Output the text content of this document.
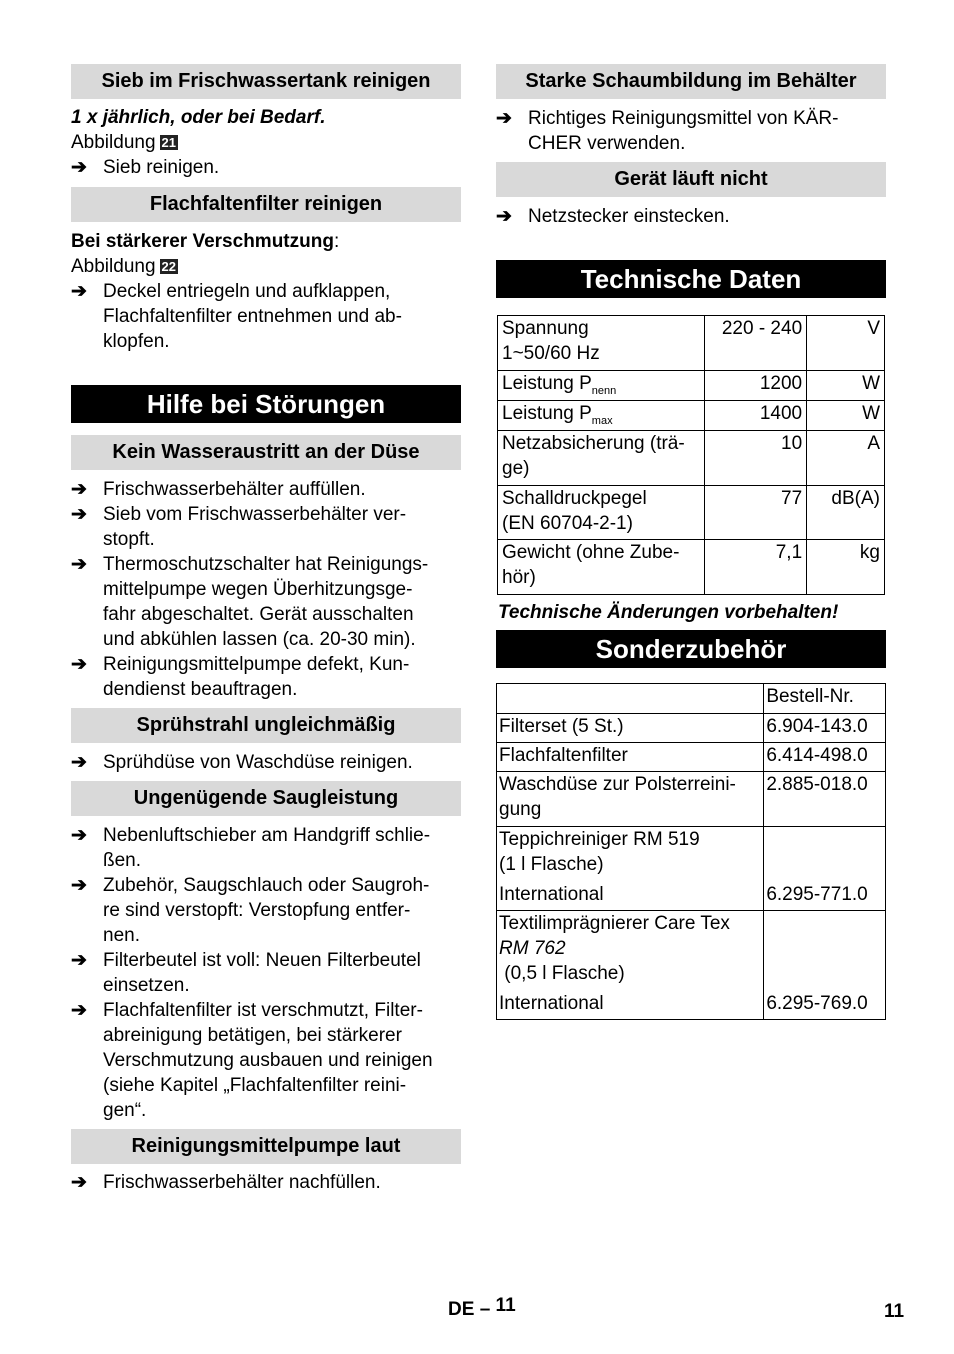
Sieb im Frischwassertank reinigen
1 x jährlich, oder bei Bedarf.
Abbildung 21
➔ Sieb reinigen.
Flachfaltenfilter reinigen
Bei stärkerer Verschmutzung:
Abbildung 22
➔ Deckel entriegeln und aufklappen,
Flachfaltenfilter entnehmen und ab-
klopfen.
Hilfe bei Störungen
Kein Wasseraustritt an der Düse
➔ Frischwasserbehälter auffüllen.
➔ Sieb vom Frischwasserbehälter ver-
stopft.
➔ Thermoschutzschalter hat Reinigungs-
mittelpumpe wegen Überhitzungsge-
fahr abgeschaltet. Gerät ausschalten
und abkühlen lassen (ca. 20-30 min).
➔ Reinigungsmittelpumpe defekt, Kun-
dendienst beauftragen.
Sprühstrahl ungleichmäßig
➔ Sprühdüse von Waschdüse reinigen.
Ungenügende Saugleistung
➔ Nebenluftschieber am Handgriff schlie-
ßen.
➔ Zubehör, Saugschlauch oder Saugroh-
re sind verstopft: Verstopfung entfer-
nen.
➔ Filterbeutel ist voll: Neuen Filterbeutel
einsetzen.
➔ Flachfaltenfilter ist verschmutzt, Filter-
abreinigung betätigen, bei stärkerer
Verschmutzung ausbauen und reinigen
(siehe Kapitel „Flachfaltenfilter reini-
gen“.
Reinigungsmittelpumpe laut
➔ Frischwasserbehälter nachfüllen.
Starke Schaumbildung im Behälter
➔ Richtiges Reinigungsmittel von KÄR-
CHER verwenden.
Gerät läuft nicht
➔ Netzstecker einstecken.
Technische Daten
Spannung
1~50/60 Hz	220 - 240	V
Leistung $P_{nenn}$	1200	W
Leistung $P_{max}$	1400	W
Netzabsicherung (trä-
ge)	10	A
Schalldruckpegel
(EN 60704-2-1)	77	dB(A)
Gewicht (ohne Zube-
hör)	7,1	kg
Technische Änderungen vorbehalten!
Sonderzubehör
	Bestell-Nr.
Filterset (5 St.)	6.904-143.0
Flachfaltenfilter	6.414-498.0
Waschdüse zur Polsterreini-
gung	2.885-018.0
Teppichreiniger RM 519
(1 l Flasche)
International	6.295-771.0
Textilimprägnierer Care Tex
RM 762
(0,5 l Flasche)
International	6.295-769.0
DE – 11	11
